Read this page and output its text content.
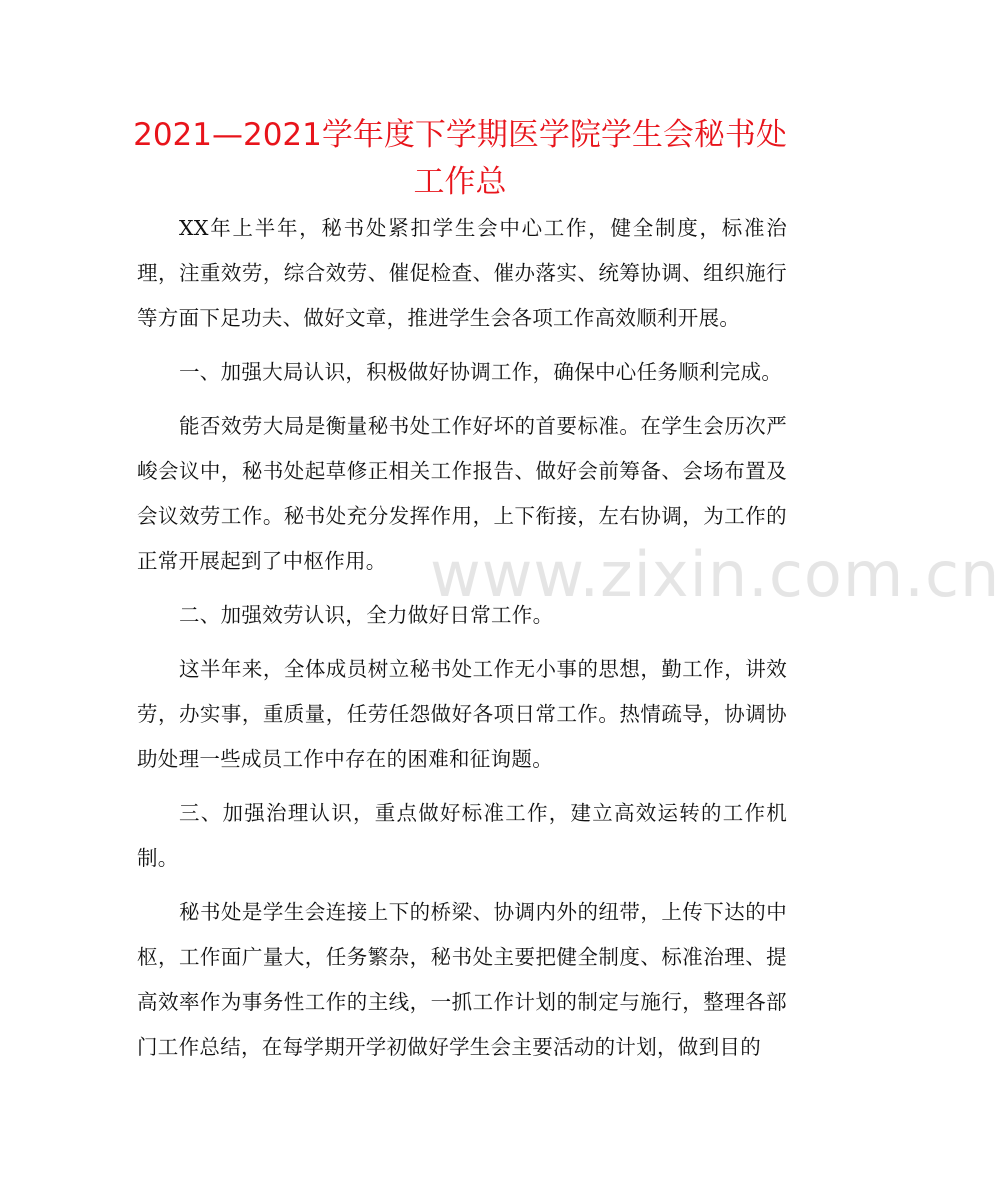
2021—2021学年度下学期医学院学生会秘书处工作总

XX年上半年，秘书处紧扣学生会中心工作，健全制度，标准治理，注重效劳，综合效劳、催促检查、催办落实、统筹协调、组织施行等方面下足功夫、做好文章，推进学生会各项工作高效顺利开展。

一、加强大局认识，积极做好协调工作，确保中心任务顺利完成。

能否效劳大局是衡量秘书处工作好坏的首要标准。在学生会历次严峻会议中，秘书处起草修正相关工作报告、做好会前筹备、会场布置及会议效劳工作。秘书处充分发挥作用，上下衔接，左右协调，为工作的正常开展起到了中枢作用。

二、加强效劳认识，全力做好日常工作。

这半年来，全体成员树立秘书处工作无小事的思想，勤工作，讲效劳，办实事，重质量，任劳任怨做好各项日常工作。热情疏导，协调协助处理一些成员工作中存在的困难和征询题。

三、加强治理认识，重点做好标准工作，建立高效运转的工作机制。

秘书处是学生会连接上下的桥梁、协调内外的纽带，上传下达的中枢，工作面广量大，任务繁杂，秘书处主要把健全制度、标准治理、提高效率作为事务性工作的主线，一抓工作计划的制定与施行，整理各部门工作总结，在每学期开学初做好学生会主要活动的计划，做到目的

www.zixin.com.cn
